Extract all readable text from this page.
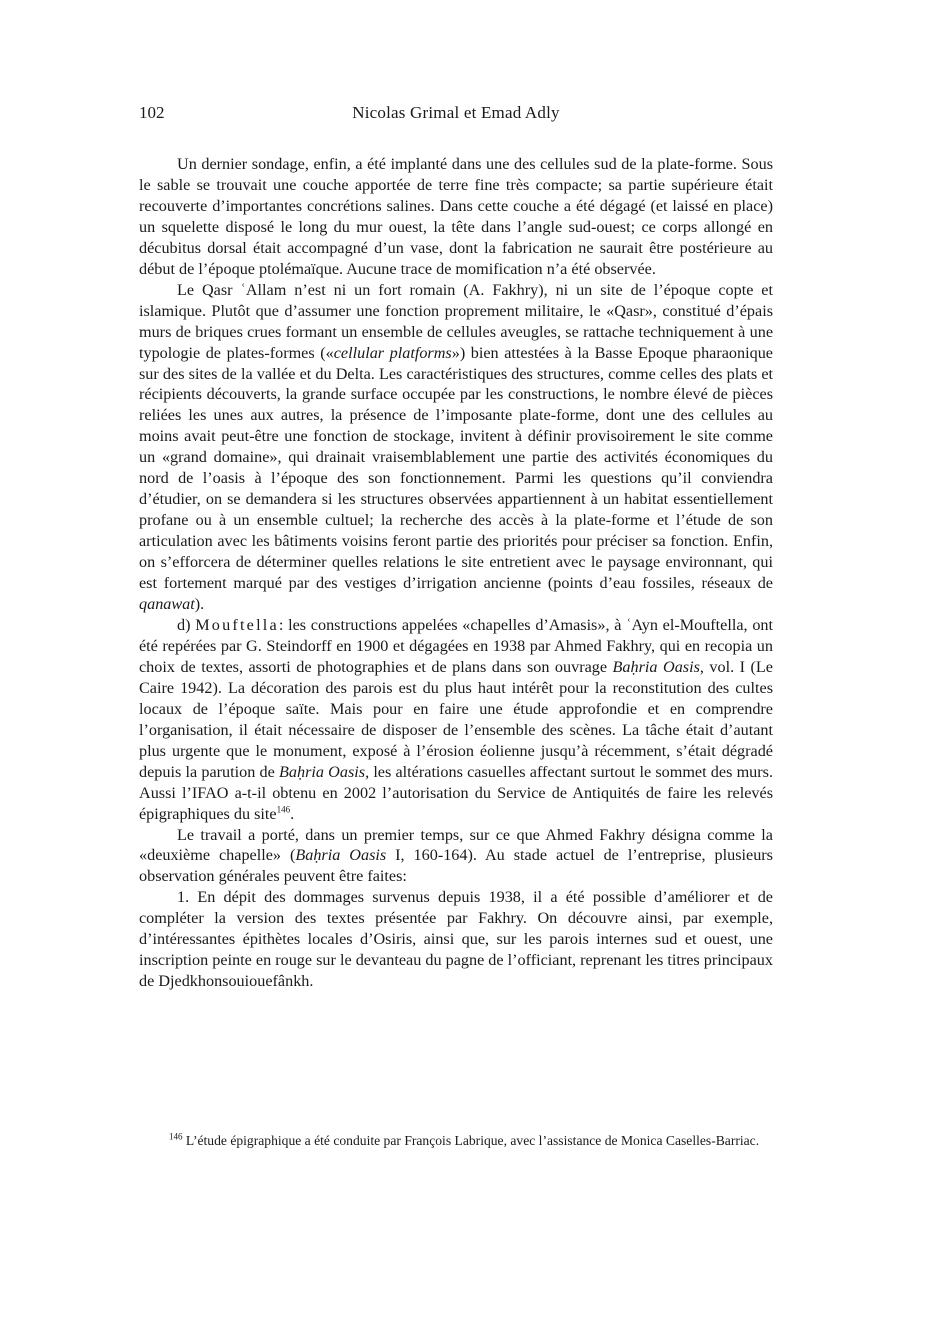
102	Nicolas Grimal et Emad Adly

Un dernier sondage, enfin, a été implanté dans une des cellules sud de la plate-forme. Sous le sable se trouvait une couche apportée de terre fine très compacte; sa partie supérieure était recouverte d’importantes concrétions salines. Dans cette couche a été dégagé (et laissé en place) un squelette disposé le long du mur ouest, la tête dans l’angle sud-ouest; ce corps allongé en décubitus dorsal était accompagné d’un vase, dont la fabrication ne saurait être postérieure au début de l’époque ptolémaïque. Aucune trace de momification n’a été observée.

Le Qasr ʿAllam n’est ni un fort romain (A. Fakhry), ni un site de l’époque copte et islamique. Plutôt que d’assumer une fonction proprement militaire, le «Qasr», constitué d’épais murs de briques crues formant un ensemble de cellules aveugles, se rattache techniquement à une typologie de plates-formes («cellular platforms») bien attestées à la Basse Epoque pharaonique sur des sites de la vallée et du Delta. Les caractéristiques des structures, comme celles des plats et récipients découverts, la grande surface occupée par les constructions, le nombre élevé de pièces reliées les unes aux autres, la présence de l’imposante plate-forme, dont une des cellules au moins avait peut-être une fonction de stockage, invitent à définir provisoirement le site comme un «grand domaine», qui drainait vraisemblablement une partie des activités économiques du nord de l’oasis à l’époque des son fonctionnement. Parmi les questions qu’il conviendra d’étudier, on se demandera si les structures observées appartiennent à un habitat essentiellement profane ou à un ensemble cultuel; la recherche des accès à la plate-forme et l’étude de son articulation avec les bâtiments voisins feront partie des priorités pour préciser sa fonction. Enfin, on s’efforcera de déterminer quelles relations le site entretient avec le paysage environnant, qui est fortement marqué par des vestiges d’irrigation ancienne (points d’eau fossiles, réseaux de qanawat).

d) Mouftella: les constructions appelées «chapelles d’Amasis», à ʿAyn el-Mouftella, ont été repérées par G. Steindorff en 1900 et dégagées en 1938 par Ahmed Fakhry, qui en recopia un choix de textes, assorti de photographies et de plans dans son ouvrage Baḥria Oasis, vol. I (Le Caire 1942). La décoration des parois est du plus haut intérêt pour la reconstitution des cultes locaux de l’époque saïte. Mais pour en faire une étude approfondie et en comprendre l’organisation, il était nécessaire de disposer de l’ensemble des scènes. La tâche était d’autant plus urgente que le monument, exposé à l’érosion éolienne jusqu’à récemment, s’était dégradé depuis la parution de Baḥria Oasis, les altérations casuelles affectant surtout le sommet des murs. Aussi l’IFAO a-t-il obtenu en 2002 l’autorisation du Service de Antiquités de faire les relevés épigraphiques du site$^{146}$.

Le travail a porté, dans un premier temps, sur ce que Ahmed Fakhry désigna comme la «deuxième chapelle» (Baḥria Oasis I, 160-164). Au stade actuel de l’entreprise, plusieurs observation générales peuvent être faites:

1. En dépit des dommages survenus depuis 1938, il a été possible d’améliorer et de compléter la version des textes présentée par Fakhry. On découvre ainsi, par exemple, d’intéressantes épithètes locales d’Osiris, ainsi que, sur les parois internes sud et ouest, une inscription peinte en rouge sur le devanteau du pagne de l’officiant, reprenant les titres principaux de Djedkhonsouiouefânkh.

$^{146}$ L’étude épigraphique a été conduite par François Labrique, avec l’assistance de Monica Caselles-Barriac.
